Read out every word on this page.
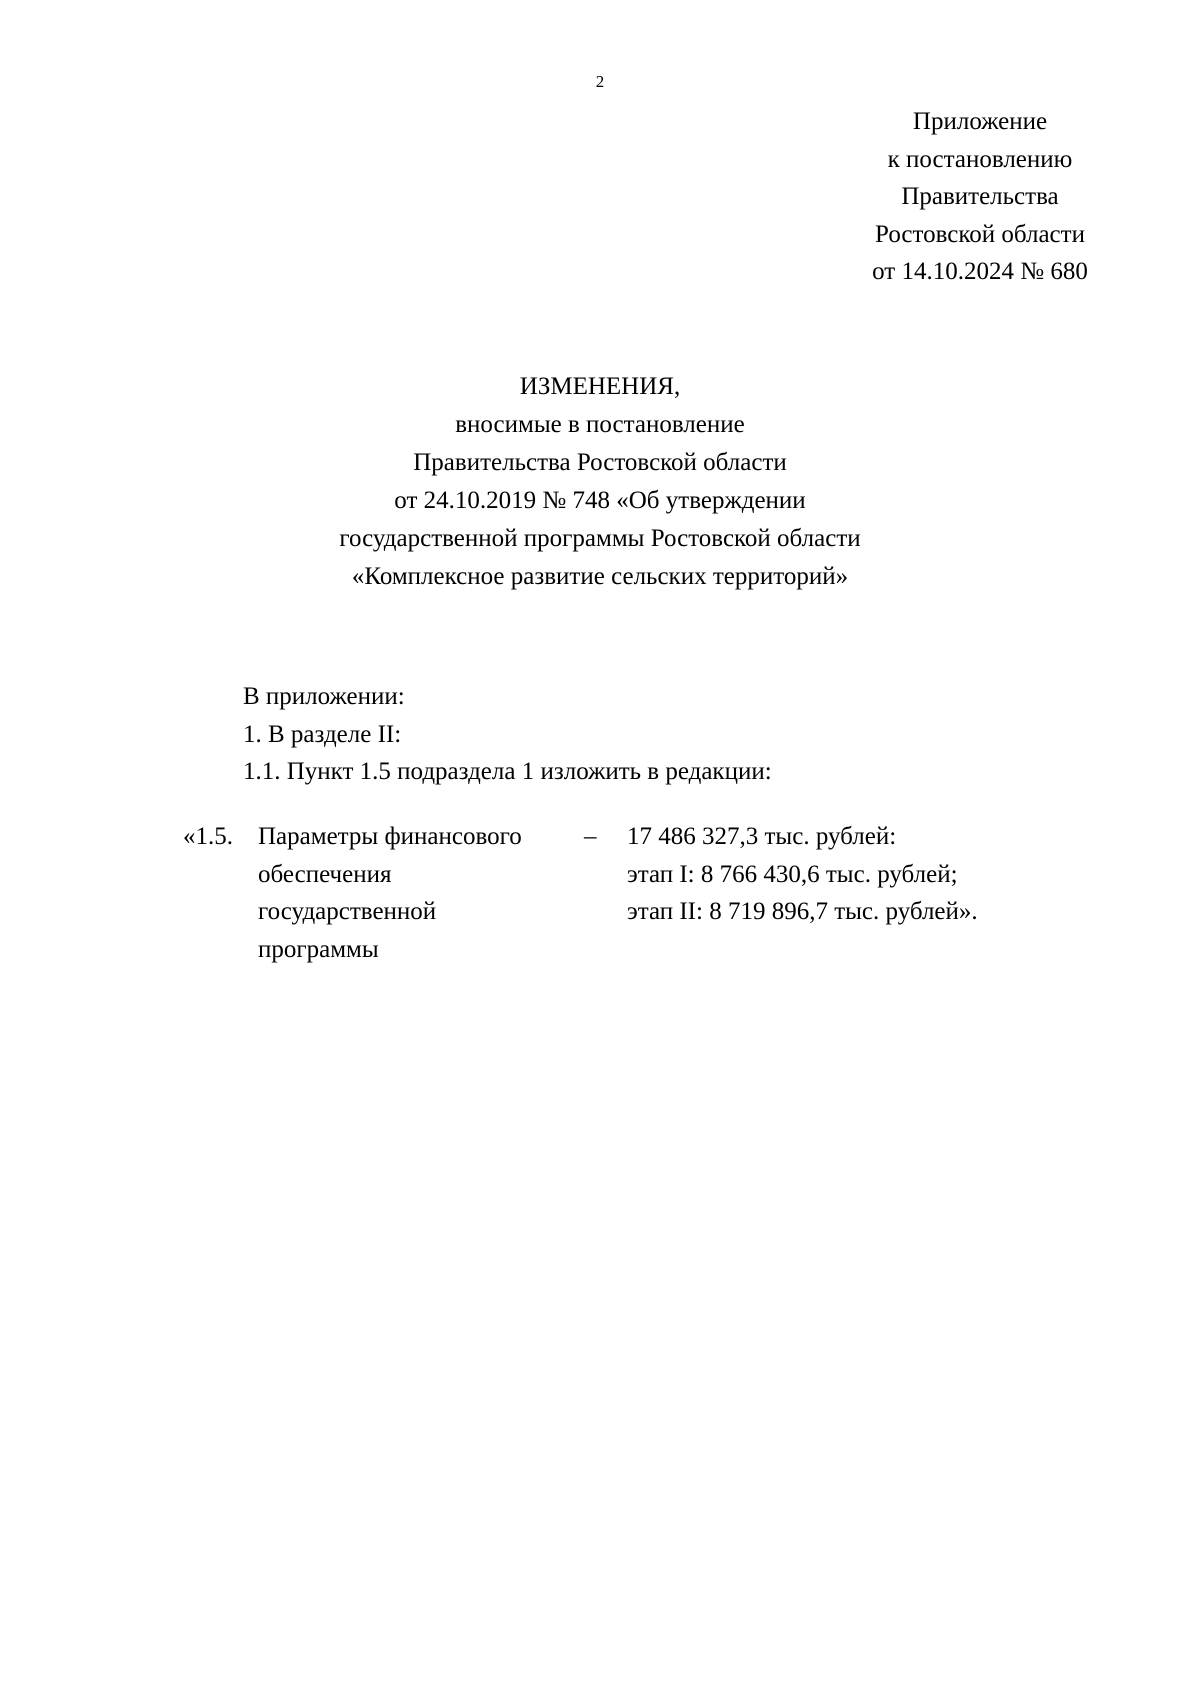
2
Приложение
к постановлению
Правительства
Ростовской области
от 14.10.2024 № 680
ИЗМЕНЕНИЯ,
вносимые в постановление
Правительства Ростовской области
от 24.10.2019 № 748 «Об утверждении
государственной программы Ростовской области
«Комплексное развитие сельских территорий»
В приложении:
1. В разделе II:
1.1. Пункт 1.5 подраздела 1 изложить в редакции:
«1.5. Параметры финансового
обеспечения
государственной
программы
– 17 486 327,3 тыс. рублей:
этап I: 8 766 430,6 тыс. рублей;
этап II: 8 719 896,7 тыс. рублей».
